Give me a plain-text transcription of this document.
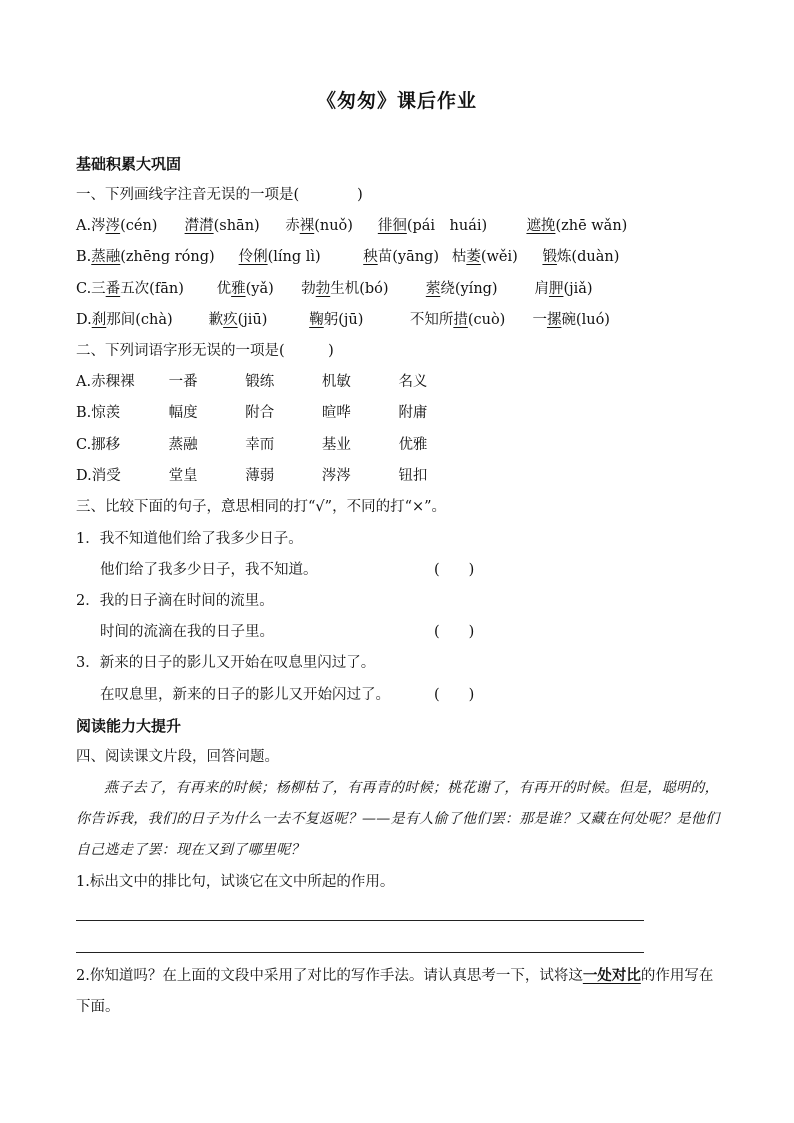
《匆匆》课后作业
基础积累大巩固
一、下列画线字注音无误的一项是(　　　　)
A.涔涔(cén) 潸潸(shān) 赤裸(nuǒ) 徘徊(pái　huái)	遮挽(zhē wǎn)
B.蒸融(zhēng róng) 伶俐(líng lì)	秧苗(yāng) 枯萎(wěi) 锻炼(duàn)
C.三番五次(fān) 优雅(yǎ) 勃勃生机(bó)	萦绕(yíng)	肩胛(jiǎ)
D.刹那间(chà) 歉疚(jiū)	鞠躬(jū)	不知所措(cuò) 一摞碗(luó)
二、下列词语字形无误的一项是(　　　)
A.赤稞裸 一番	锻练	机敏	名义
B.惊羡	幅度	附合	暄哗	附庸
C.挪移	蒸融	幸而	基业	优雅
D.消受	堂皇	薄弱	涔涔	钮扣
三、比较下面的句子，意思相同的打“√”，不同的打“×”。
1．我不知道他们给了我多少日子。
他们给了我多少日子，我不知道。	(　　)
2．我的日子滴在时间的流里。
时间的流滴在我的日子里。	(　　)
3．新来的日子的影儿又开始在叹息里闪过了。
在叹息里，新来的日子的影儿又开始闪过了。	(　　)
阅读能力大提升
四、阅读课文片段，回答问题。
燕子去了，有再来的时候；杨柳枯了，有再青的时候；桃花谢了，有再开的时候。但是，聪明的，你告诉我，我们的日子为什么一去不复返呢？——是有人偷了他们罢：那是谁？又藏在何处呢？是他们自己逃走了罢：现在又到了哪里呢？
1.标出文中的排比句，试谈它在文中所起的作用。
2.你知道吗？在上面的文段中采用了对比的写作手法。请认真思考一下，试将这一处对比的作用写在下面。
